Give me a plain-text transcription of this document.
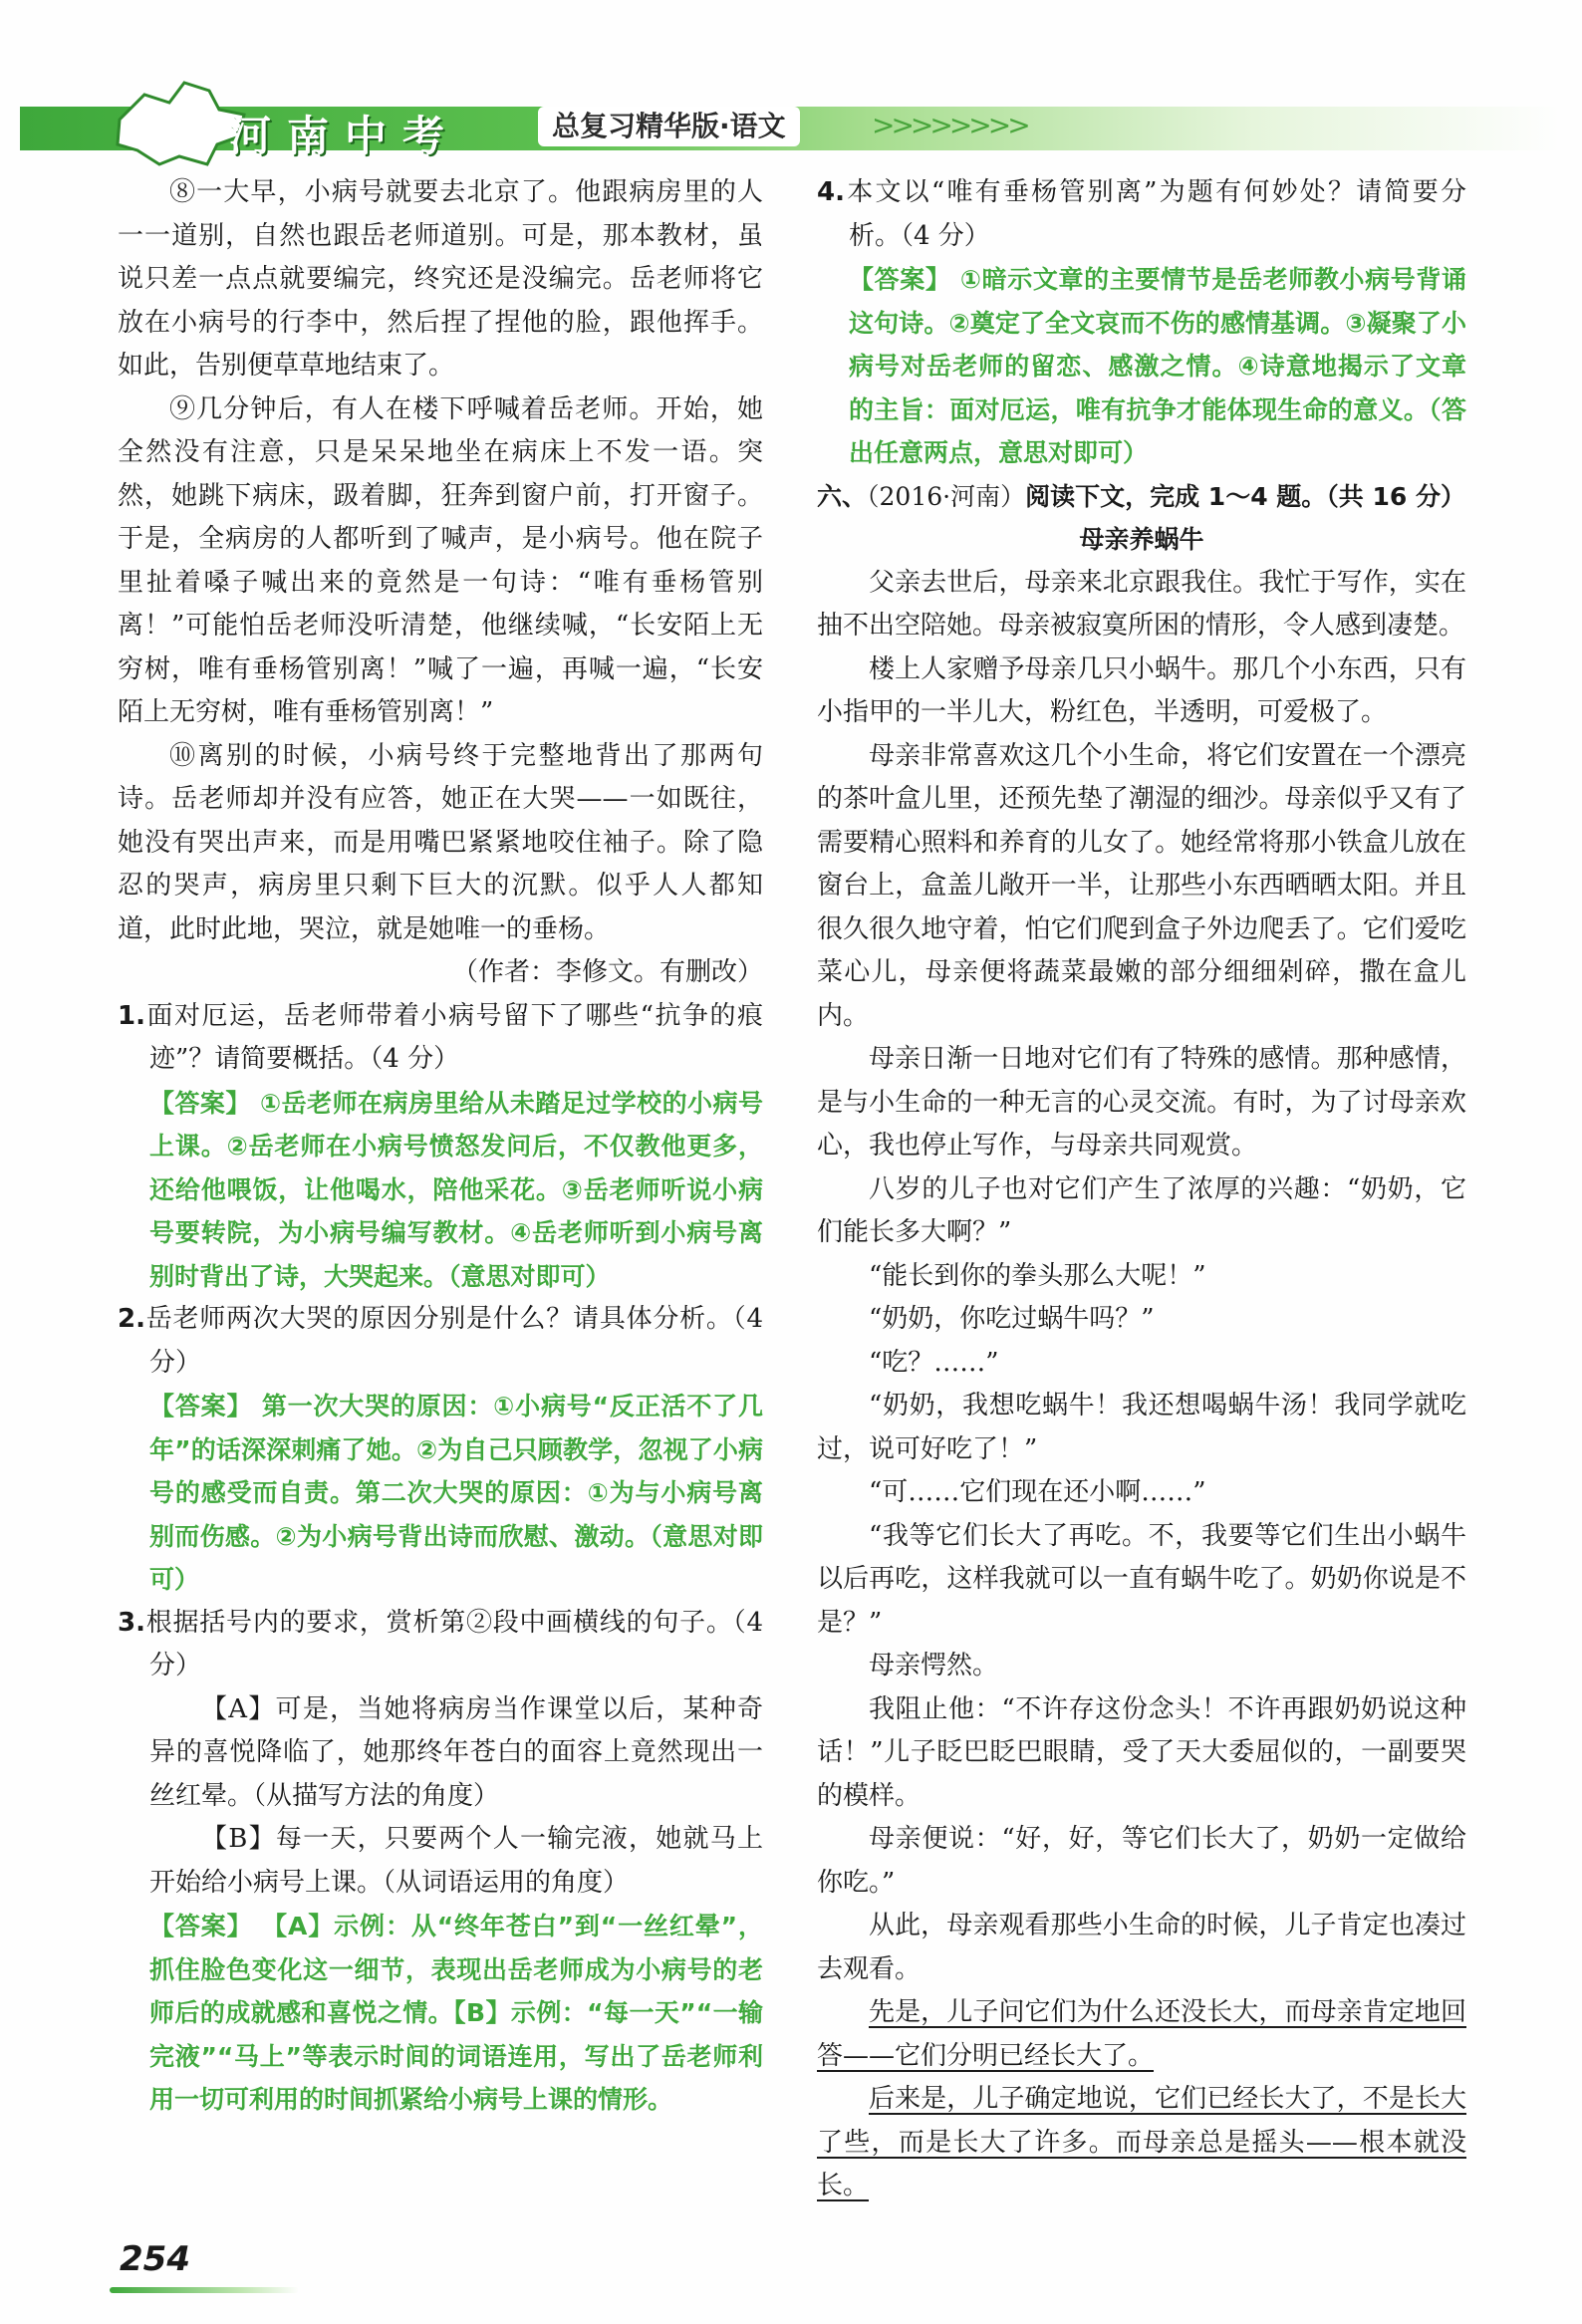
河南中考	总复习精华版·语文	>>>>>>>>

⑧一大早，小病号就要去北京了。他跟病房里的人一一道别，自然也跟岳老师道别。可是，那本教材，虽说只差一点点就要编完，终究还是没编完。岳老师将它放在小病号的行李中，然后捏了捏他的脸，跟他挥手。如此，告别便草草地结束了。

⑨几分钟后，有人在楼下呼喊着岳老师。开始，她全然没有注意，只是呆呆地坐在病床上不发一语。突然，她跳下病床，趿着脚，狂奔到窗户前，打开窗子。于是，全病房的人都听到了喊声，是小病号。他在院子里扯着嗓子喊出来的竟然是一句诗：“唯有垂杨管别离！”可能怕岳老师没听清楚，他继续喊，“长安陌上无穷树，唯有垂杨管别离！”喊了一遍，再喊一遍，“长安陌上无穷树，唯有垂杨管别离！”

⑩离别的时候，小病号终于完整地背出了那两句诗。岳老师却并没有应答，她正在大哭——一如既往，她没有哭出声来，而是用嘴巴紧紧地咬住袖子。除了隐忍的哭声，病房里只剩下巨大的沉默。似乎人人都知道，此时此地，哭泣，就是她唯一的垂杨。

（作者：李修文。有删改）

1.面对厄运，岳老师带着小病号留下了哪些“抗争的痕迹”？请简要概括。（4 分）

【答案】 ①岳老师在病房里给从未踏足过学校的小病号上课。②岳老师在小病号愤怒发问后，不仅教他更多，还给他喂饭，让他喝水，陪他采花。③岳老师听说小病号要转院，为小病号编写教材。④岳老师听到小病号离别时背出了诗，大哭起来。（意思对即可）

2.岳老师两次大哭的原因分别是什么？请具体分析。（4 分）

【答案】 第一次大哭的原因：①小病号“反正活不了几年”的话深深刺痛了她。②为自己只顾教学，忽视了小病号的感受而自责。第二次大哭的原因：①为与小病号离别而伤感。②为小病号背出诗而欣慰、激动。（意思对即可）

3.根据括号内的要求，赏析第②段中画横线的句子。（4 分）

【A】可是，当她将病房当作课堂以后，某种奇异的喜悦降临了，她那终年苍白的面容上竟然现出一丝红晕。（从描写方法的角度）

【B】每一天，只要两个人一输完液，她就马上开始给小病号上课。（从词语运用的角度）

【答案】 【A】示例：从“终年苍白”到“一丝红晕”，抓住脸色变化这一细节，表现出岳老师成为小病号的老师后的成就感和喜悦之情。【B】示例：“每一天”“一输完液”“马上”等表示时间的词语连用，写出了岳老师利用一切可利用的时间抓紧给小病号上课的情形。

4.本文以“唯有垂杨管别离”为题有何妙处？请简要分析。（4 分）

【答案】 ①暗示文章的主要情节是岳老师教小病号背诵这句诗。②奠定了全文哀而不伤的感情基调。③凝聚了小病号对岳老师的留恋、感激之情。④诗意地揭示了文章的主旨：面对厄运，唯有抗争才能体现生命的意义。（答出任意两点，意思对即可）

六、（2016·河南）阅读下文，完成 1～4 题。（共 16 分）

母亲养蜗牛

父亲去世后，母亲来北京跟我住。我忙于写作，实在抽不出空陪她。母亲被寂寞所困的情形，令人感到凄楚。

楼上人家赠予母亲几只小蜗牛。那几个小东西，只有小指甲的一半儿大，粉红色，半透明，可爱极了。

母亲非常喜欢这几个小生命，将它们安置在一个漂亮的茶叶盒儿里，还预先垫了潮湿的细沙。母亲似乎又有了需要精心照料和养育的儿女了。她经常将那小铁盒儿放在窗台上，盒盖儿敞开一半，让那些小东西晒晒太阳。并且很久很久地守着，怕它们爬到盒子外边爬丢了。它们爱吃菜心儿，母亲便将蔬菜最嫩的部分细细剁碎，撒在盒儿内。

母亲日渐一日地对它们有了特殊的感情。那种感情，是与小生命的一种无言的心灵交流。有时，为了讨母亲欢心，我也停止写作，与母亲共同观赏。

八岁的儿子也对它们产生了浓厚的兴趣：“奶奶，它们能长多大啊？”

“能长到你的拳头那么大呢！”

“奶奶，你吃过蜗牛吗？”

“吃？……”

“奶奶，我想吃蜗牛！我还想喝蜗牛汤！我同学就吃过，说可好吃了！”

“可……它们现在还小啊……”

“我等它们长大了再吃。不，我要等它们生出小蜗牛以后再吃，这样我就可以一直有蜗牛吃了。奶奶你说是不是？”

母亲愕然。

我阻止他：“不许存这份念头！不许再跟奶奶说这种话！”儿子眨巴眨巴眼睛，受了天大委屈似的，一副要哭的模样。

母亲便说：“好，好，等它们长大了，奶奶一定做给你吃。”

从此，母亲观看那些小生命的时候，儿子肯定也凑过去观看。

先是，儿子问它们为什么还没长大，而母亲肯定地回答——它们分明已经长大了。

后来是，儿子确定地说，它们已经长大了，不是长大了些，而是长大了许多。而母亲总是摇头——根本就没长。

254
